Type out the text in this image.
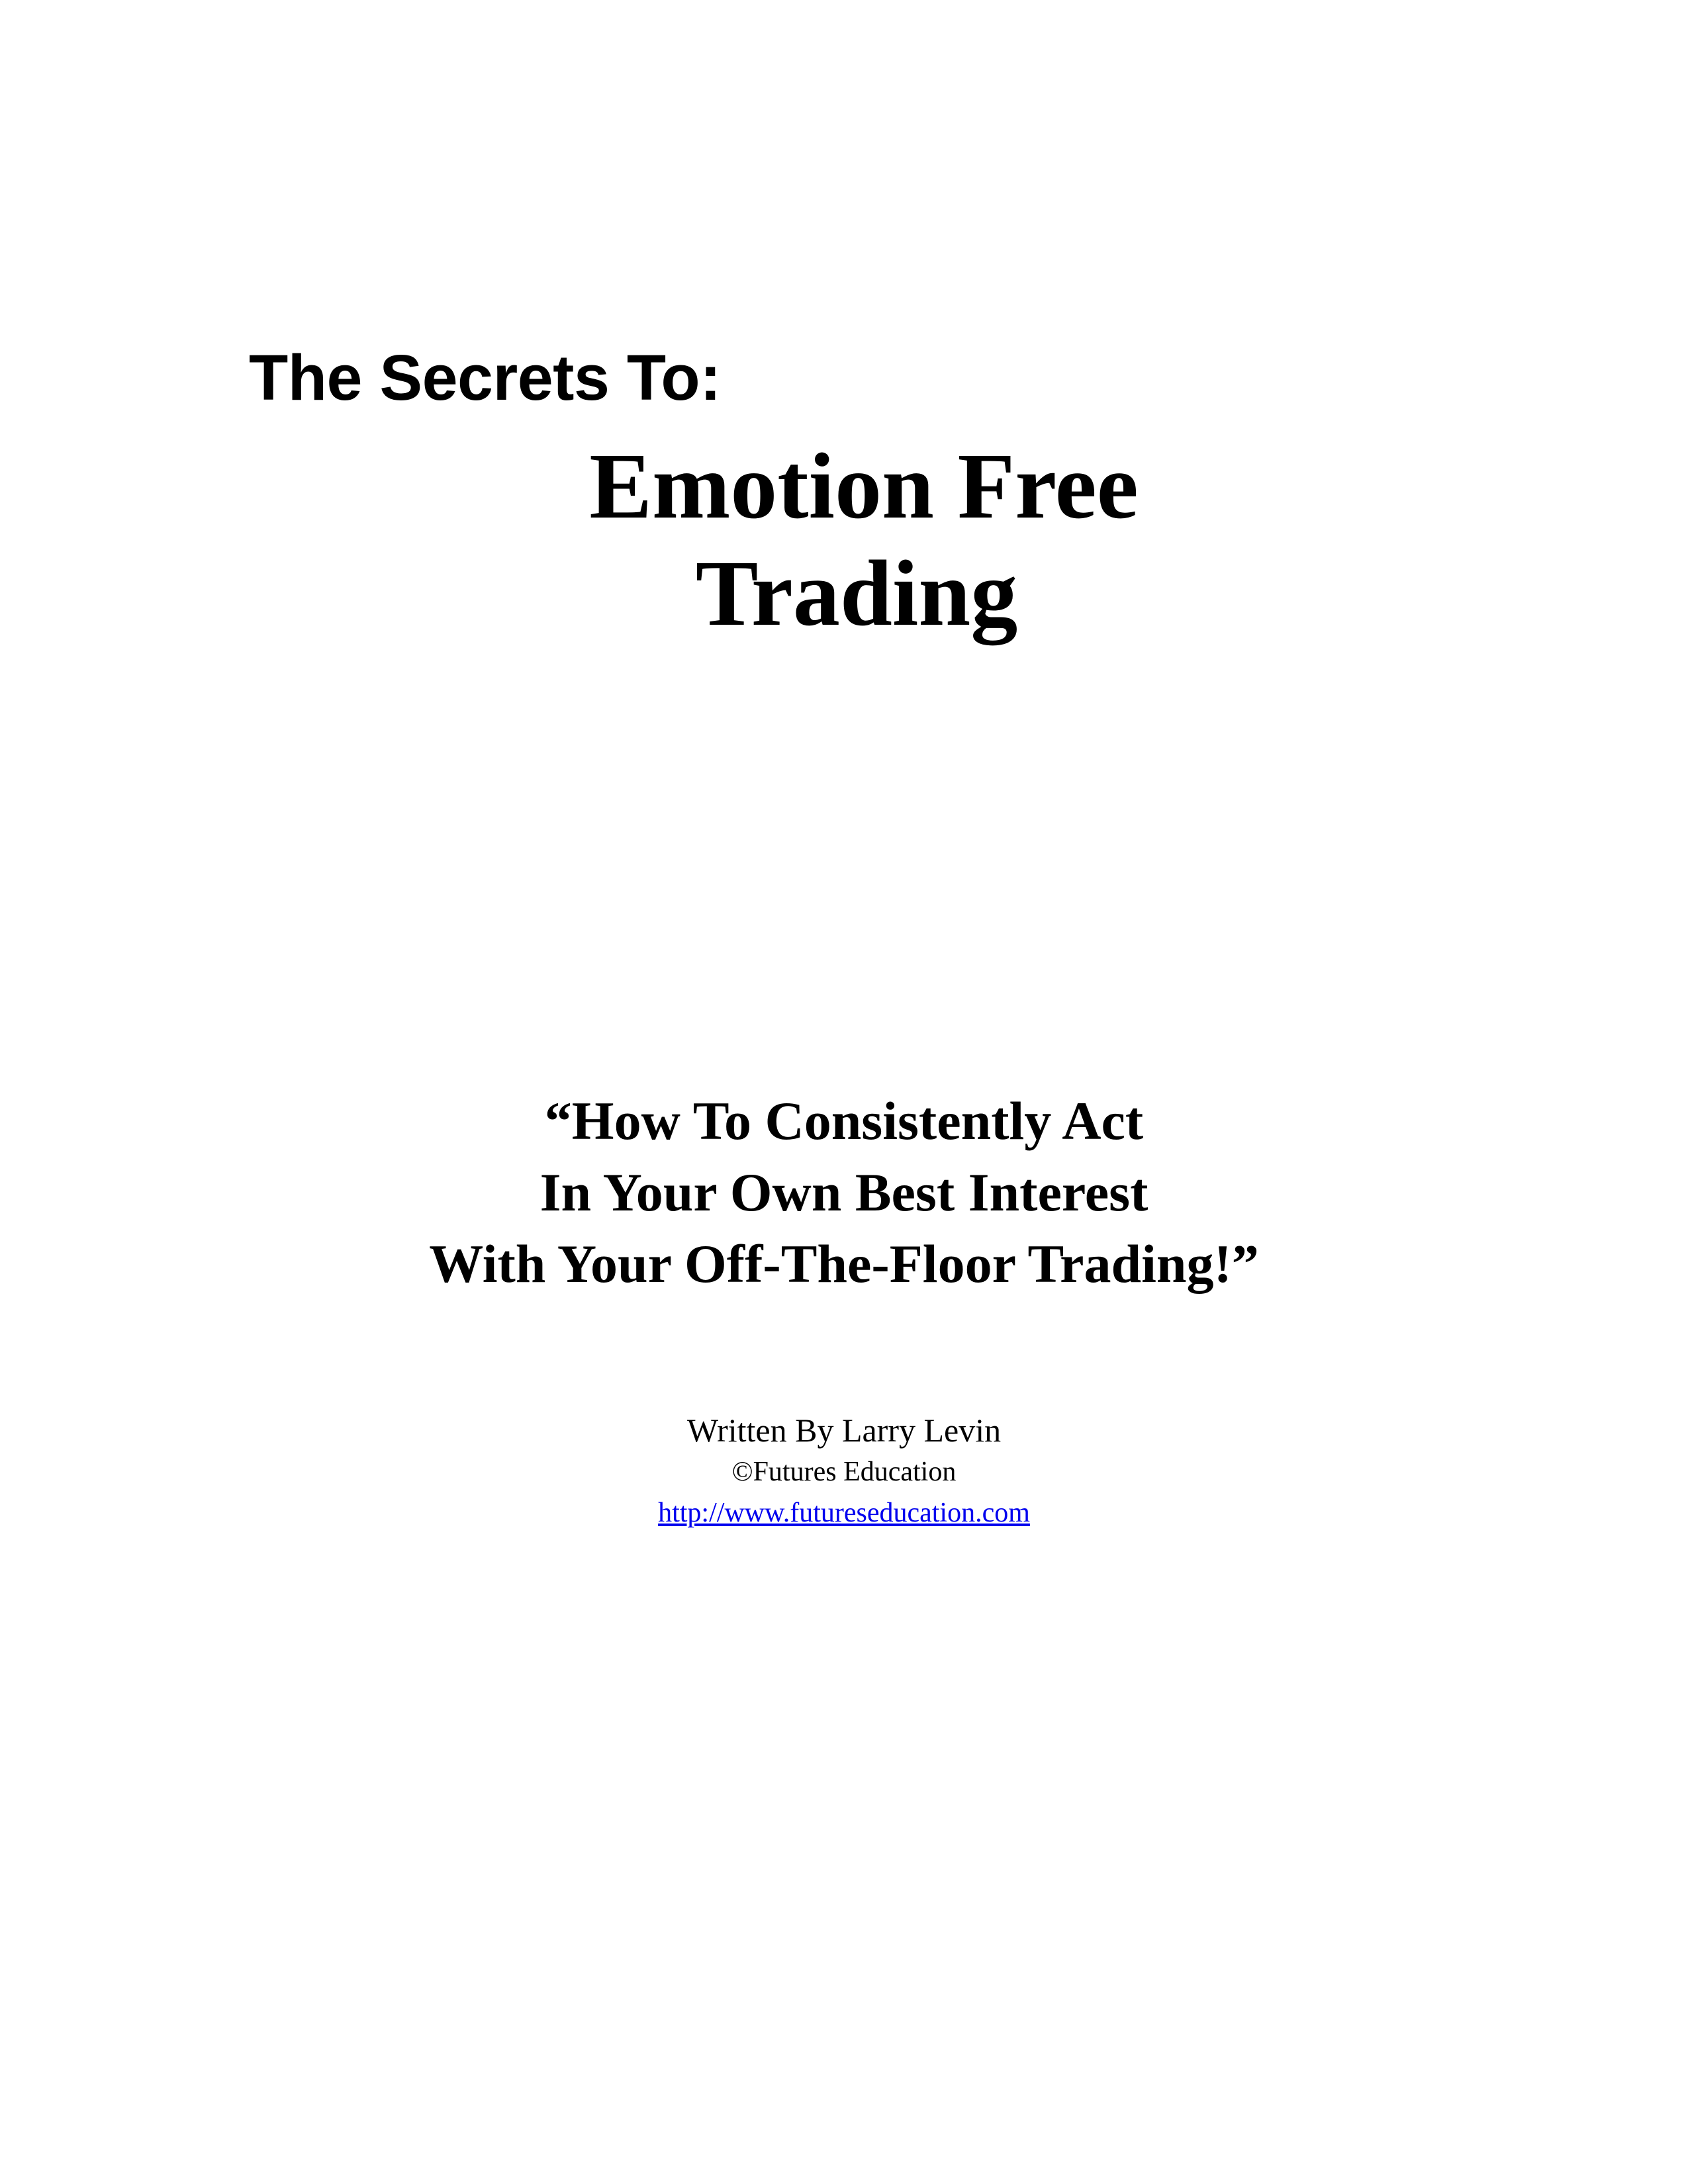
The Secrets To:
Emotion Free
Trading
“How To Consistently Act
In Your Own Best Interest
With Your Off-The-Floor Trading!”
Written By Larry Levin
©Futures Education
http://www.futureseducation.com
